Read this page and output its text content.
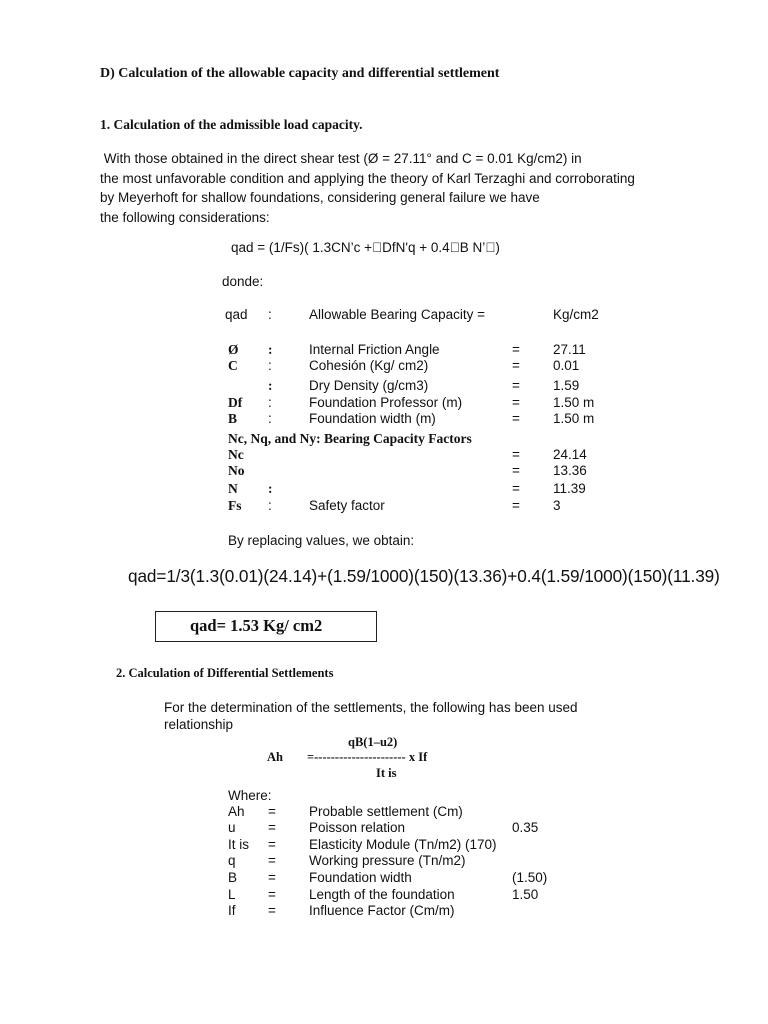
D) Calculation of the allowable capacity and differential settlement
1. Calculation of the admissible load capacity.
With those obtained in the direct shear test (Ø = 27.11° and C = 0.01 Kg/cm2) in
the most unfavorable condition and applying the theory of Karl Terzaghi and corroborating
by Meyerhoft for shallow foundations, considering general failure we have
the following considerations:
qad = (1/Fs)( 1.3CN’c + DfN'q + 0.4 B N’ )
donde:
qad :	Allowable Bearing Capacity =	Kg/cm2
Ø :	Internal Friction Angle	= 27.11
C :	Cohesión (Kg/ cm2)	= 0.01
:	Dry Density (g/cm3)	= 1.59
Df :	Foundation Professor (m)	= 1.50 m
B :	Foundation width (m)	= 1.50 m
Nc, Nq, and Ny: Bearing Capacity Factors
Nc	= 24.14
No	= 13.36
N :	= 11.39
Fs :	Safety factor	= 3
By replacing values, we obtain:
qad=1/3(1.3(0.01)(24.14)+(1.59/1000)(150)(13.36)+0.4(1.59/1000)(150)(11.39)
qad= 1.53 Kg/ cm2
2. Calculation of Differential Settlements
For the determination of the settlements, the following has been used
relationship
qB(1–u2)
Ah =---------------------- x If
It is
Where:
Ah = Probable settlement (Cm)
u = Poisson relation	0.35
It is = Elasticity Module (Tn/m2) (170)
q = Working pressure (Tn/m2)
B = Foundation width	(1.50)
L = Length of the foundation	1.50
If = Influence Factor (Cm/m)
